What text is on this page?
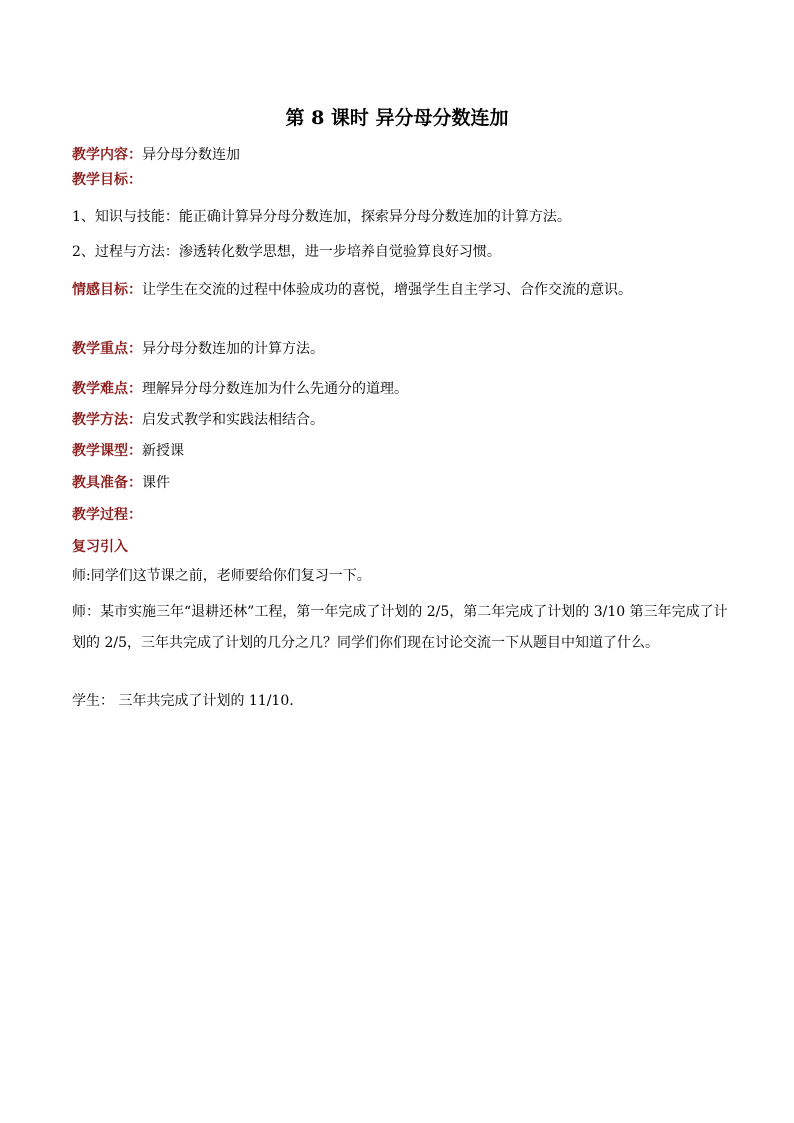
第 8 课时 异分母分数连加

教学内容：异分母分数连加

教学目标：

1、知识与技能：能正确计算异分母分数连加，探索异分母分数连加的计算方法。

2、过程与方法：渗透转化数学思想，进一步培养自觉验算良好习惯。

情感目标：让学生在交流的过程中体验成功的喜悦，增强学生自主学习、合作交流的意识。

教学重点：异分母分数连加的计算方法。

教学难点：理解异分母分数连加为什么先通分的道理。

教学方法：启发式教学和实践法相结合。

教学课型：新授课

教具准备：课件

教学过程：

复习引入

师:同学们这节课之前，老师要给你们复习一下。

师：某市实施三年“退耕还林”工程，第一年完成了计划的 2/5，第二年完成了计划的 3/10 第三年完成了计划的 2/5，三年共完成了计划的几分之几？同学们你们现在讨论交流一下从题目中知道了什么。

学生： 三年共完成了计划的 11/10.
